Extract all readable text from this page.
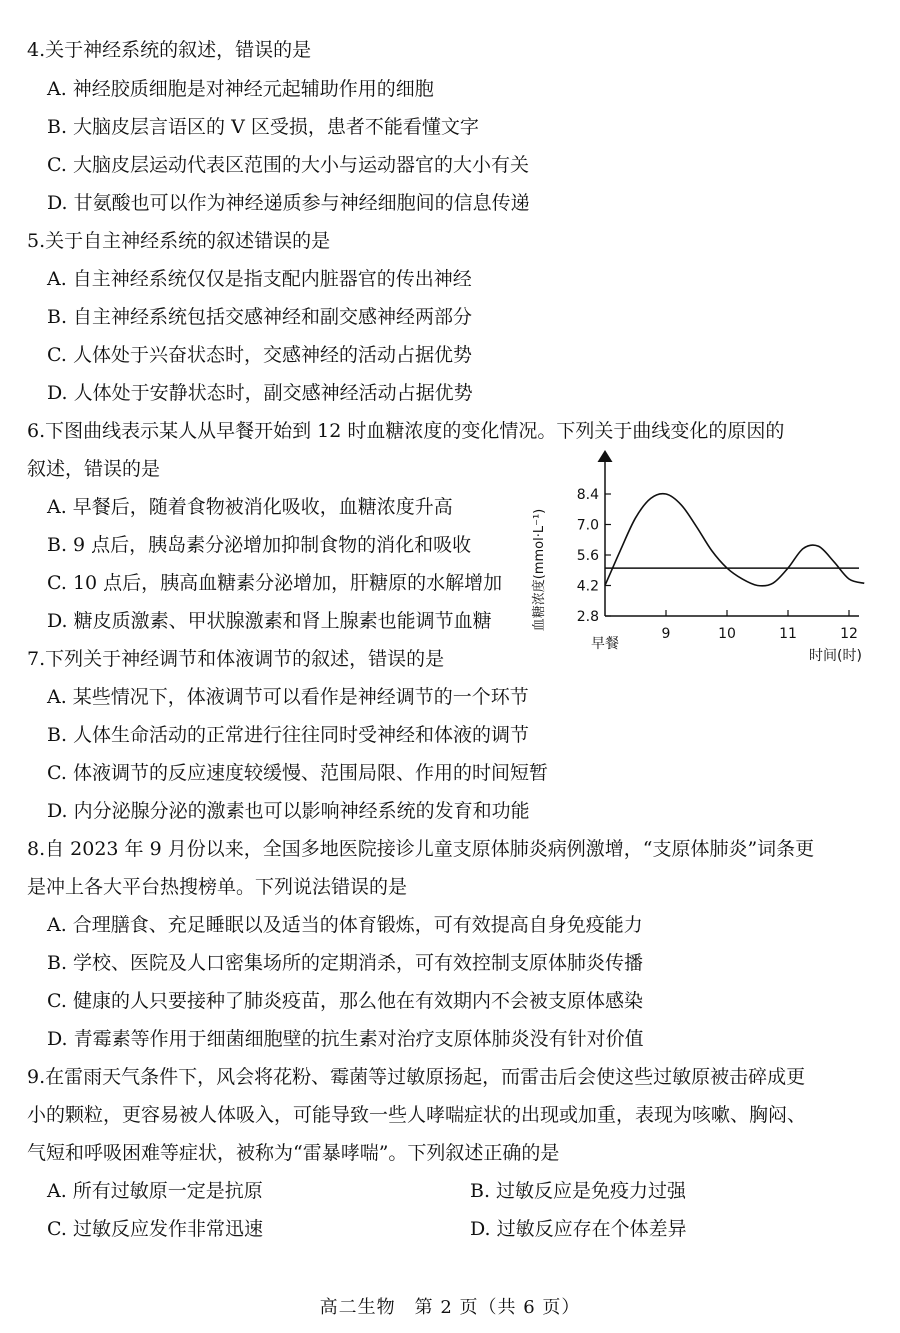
4.关于神经系统的叙述，错误的是
A. 神经胶质细胞是对神经元起辅助作用的细胞
B. 大脑皮层言语区的 V 区受损，患者不能看懂文字
C. 大脑皮层运动代表区范围的大小与运动器官的大小有关
D. 甘氨酸也可以作为神经递质参与神经细胞间的信息传递
5.关于自主神经系统的叙述错误的是
A. 自主神经系统仅仅是指支配内脏器官的传出神经
B. 自主神经系统包括交感神经和副交感神经两部分
C. 人体处于兴奋状态时，交感神经的活动占据优势
D. 人体处于安静状态时，副交感神经活动占据优势
6.下图曲线表示某人从早餐开始到 12 时血糖浓度的变化情况。下列关于曲线变化的原因的
叙述，错误的是
A. 早餐后，随着食物被消化吸收，血糖浓度升高
B. 9 点后，胰岛素分泌增加抑制食物的消化和吸收
C. 10 点后，胰高血糖素分泌增加，肝糖原的水解增加
D. 糖皮质激素、甲状腺激素和肾上腺素也能调节血糖
7.下列关于神经调节和体液调节的叙述，错误的是
A. 某些情况下，体液调节可以看作是神经调节的一个环节
B. 人体生命活动的正常进行往往同时受神经和体液的调节
C. 体液调节的反应速度较缓慢、范围局限、作用的时间短暂
D. 内分泌腺分泌的激素也可以影响神经系统的发育和功能
8.自 2023 年 9 月份以来，全国多地医院接诊儿童支原体肺炎病例激增，“支原体肺炎”词条更
是冲上各大平台热搜榜单。下列说法错误的是
A. 合理膳食、充足睡眠以及适当的体育锻炼，可有效提高自身免疫能力
B. 学校、医院及人口密集场所的定期消杀，可有效控制支原体肺炎传播
C. 健康的人只要接种了肺炎疫苗，那么他在有效期内不会被支原体感染
D. 青霉素等作用于细菌细胞壁的抗生素对治疗支原体肺炎没有针对价值
9.在雷雨天气条件下，风会将花粉、霉菌等过敏原扬起，而雷击后会使这些过敏原被击碎成更
小的颗粒，更容易被人体吸入，可能导致一些人哮喘症状的出现或加重，表现为咳嗽、胸闷、
气短和呼吸困难等症状，被称为“雷暴哮喘”。下列叙述正确的是
A. 所有过敏原一定是抗原	B. 过敏反应是免疫力过强
C. 过敏反应发作非常迅速	D. 过敏反应存在个体差异
2.8
4.2
5.6
7.0
8.4
早餐
9	10	11	12
血糖浓度(mmol·L⁻¹)
时间(时)
高二生物　第 2 页（共 6 页）
